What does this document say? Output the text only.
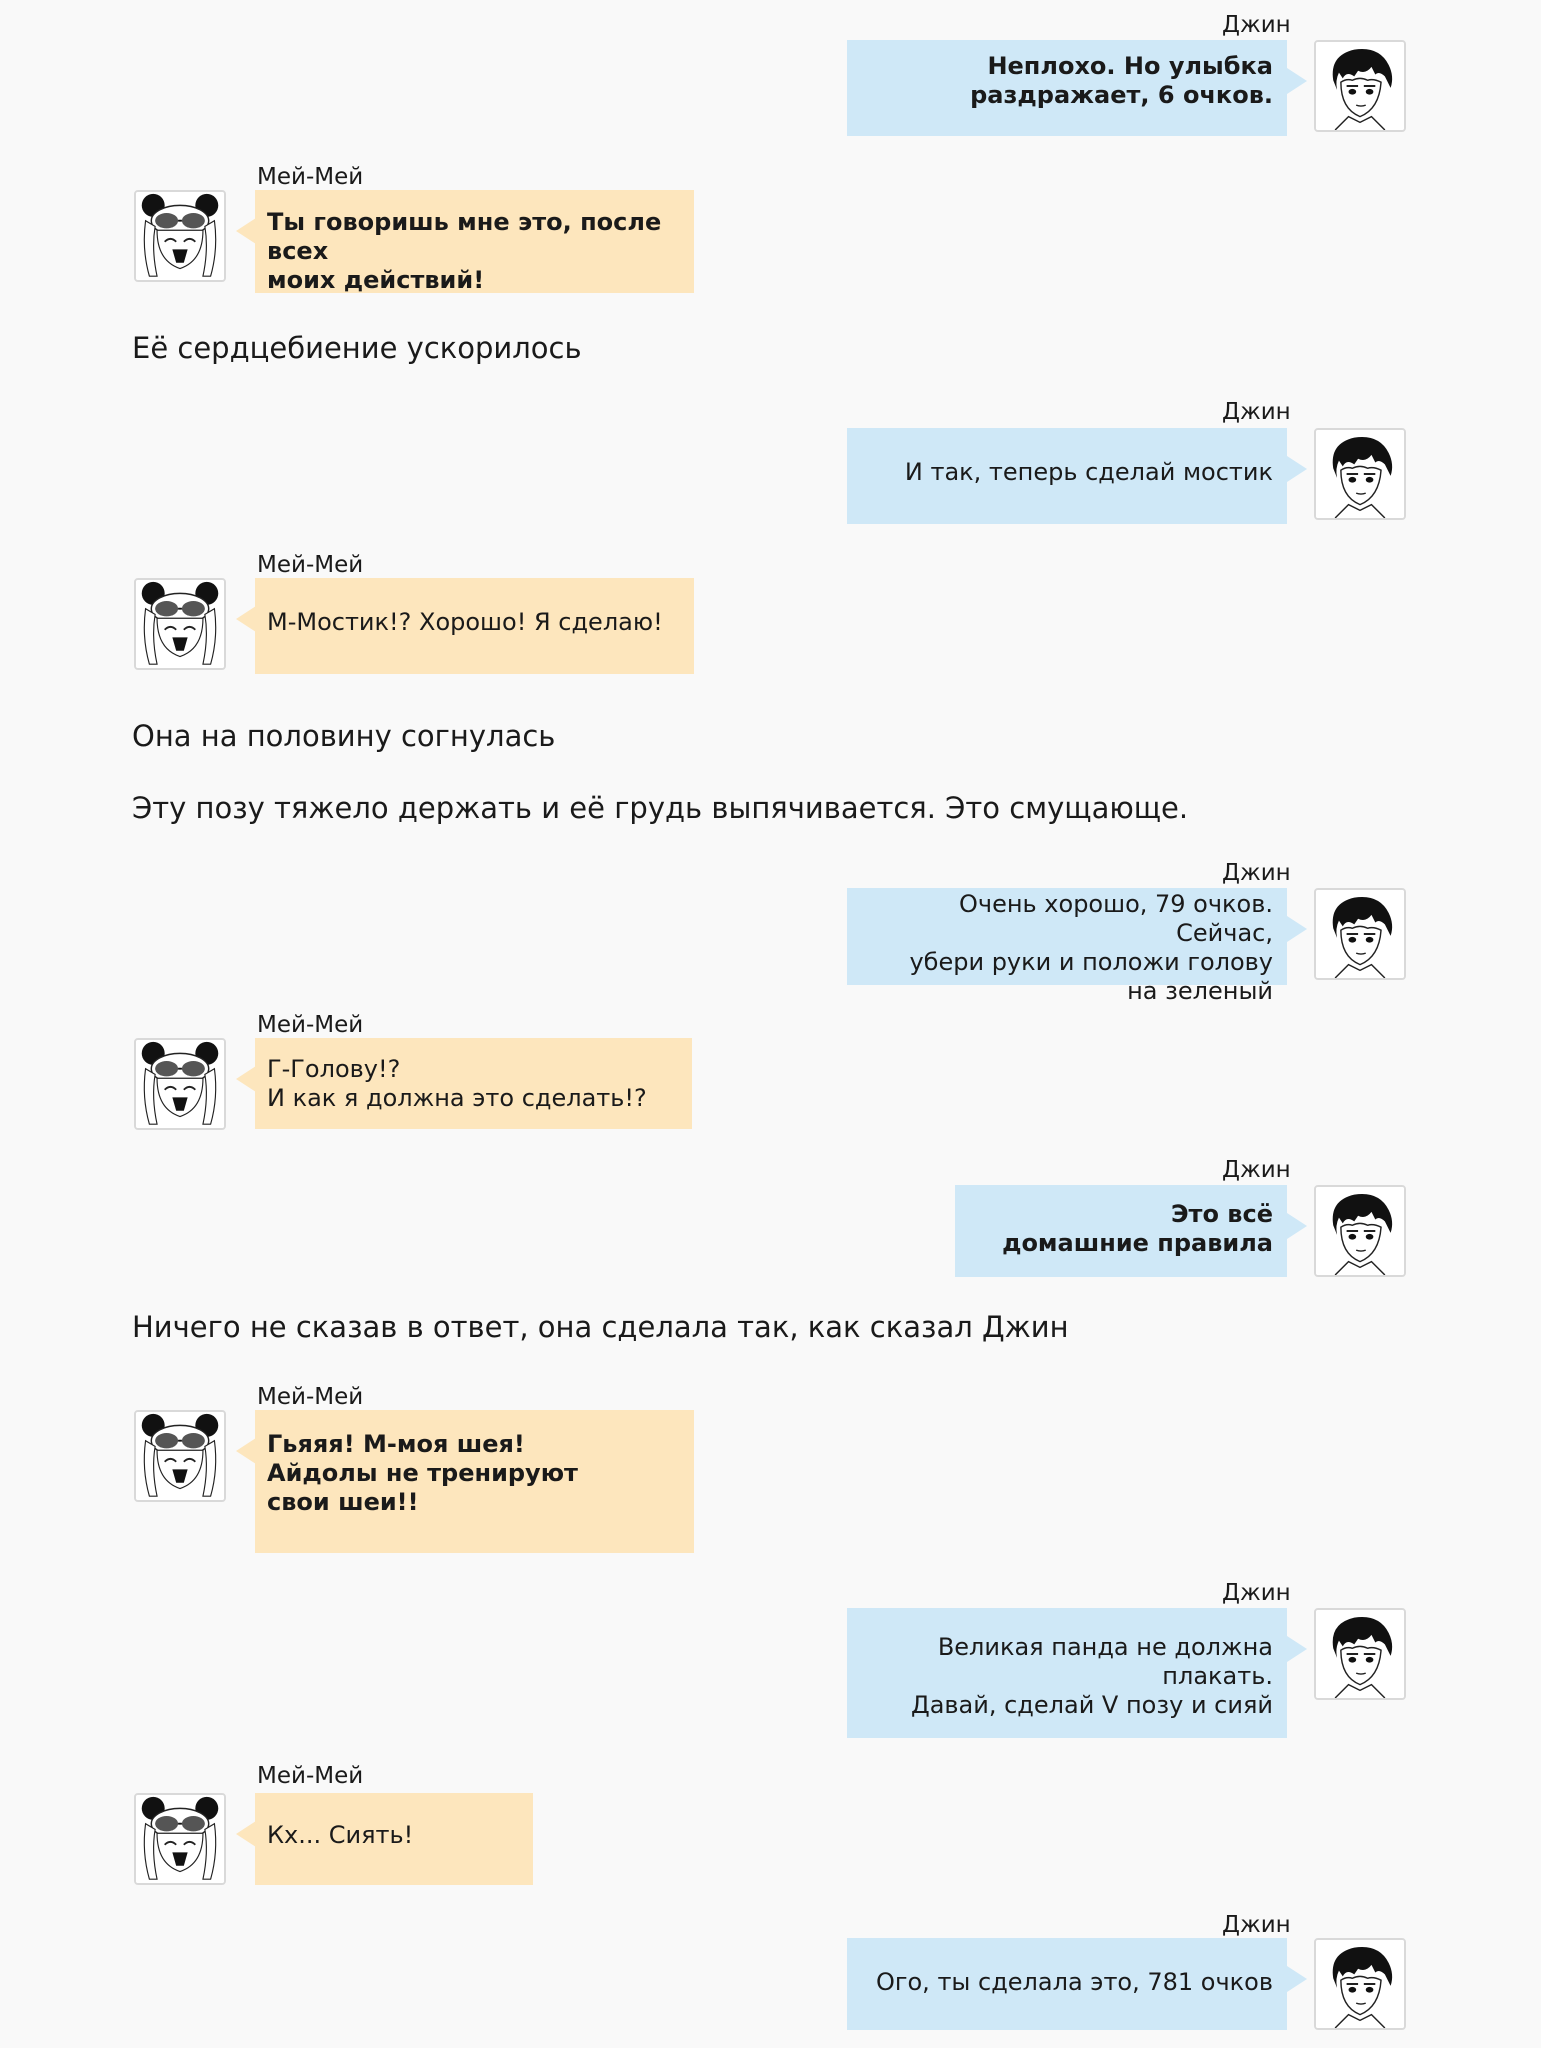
Джин
Неплохо. Но улыбка
раздражает, 6 очков.
Мей-Мей
Ты говоришь мне это, после всех
моих действий!
Её сердцебиение ускорилось
Джин
И так, теперь сделай мостик
Мей-Мей
М-Мостик!? Хорошо! Я сделаю!
Она на половину согнулась
Эту позу тяжело держать и её грудь выпячивается. Это смущающе.
Джин
Очень хорошо, 79 очков. Сейчас,
убери руки и положи голову
на зеленый
Мей-Мей
Г-Голову!?
И как я должна это сделать!?
Джин
Это всё
домашние правила
Ничего не сказав в ответ, она сделала так, как сказал Джин
Мей-Мей
Гьяяя! М-моя шея!
Айдолы не тренируют
свои шеи!!
Джин
Великая панда не должна плакать.
Давай, сделай V позу и сияй
Мей-Мей
Кх... Сиять!
Джин
Ого, ты сделала это, 781 очков
